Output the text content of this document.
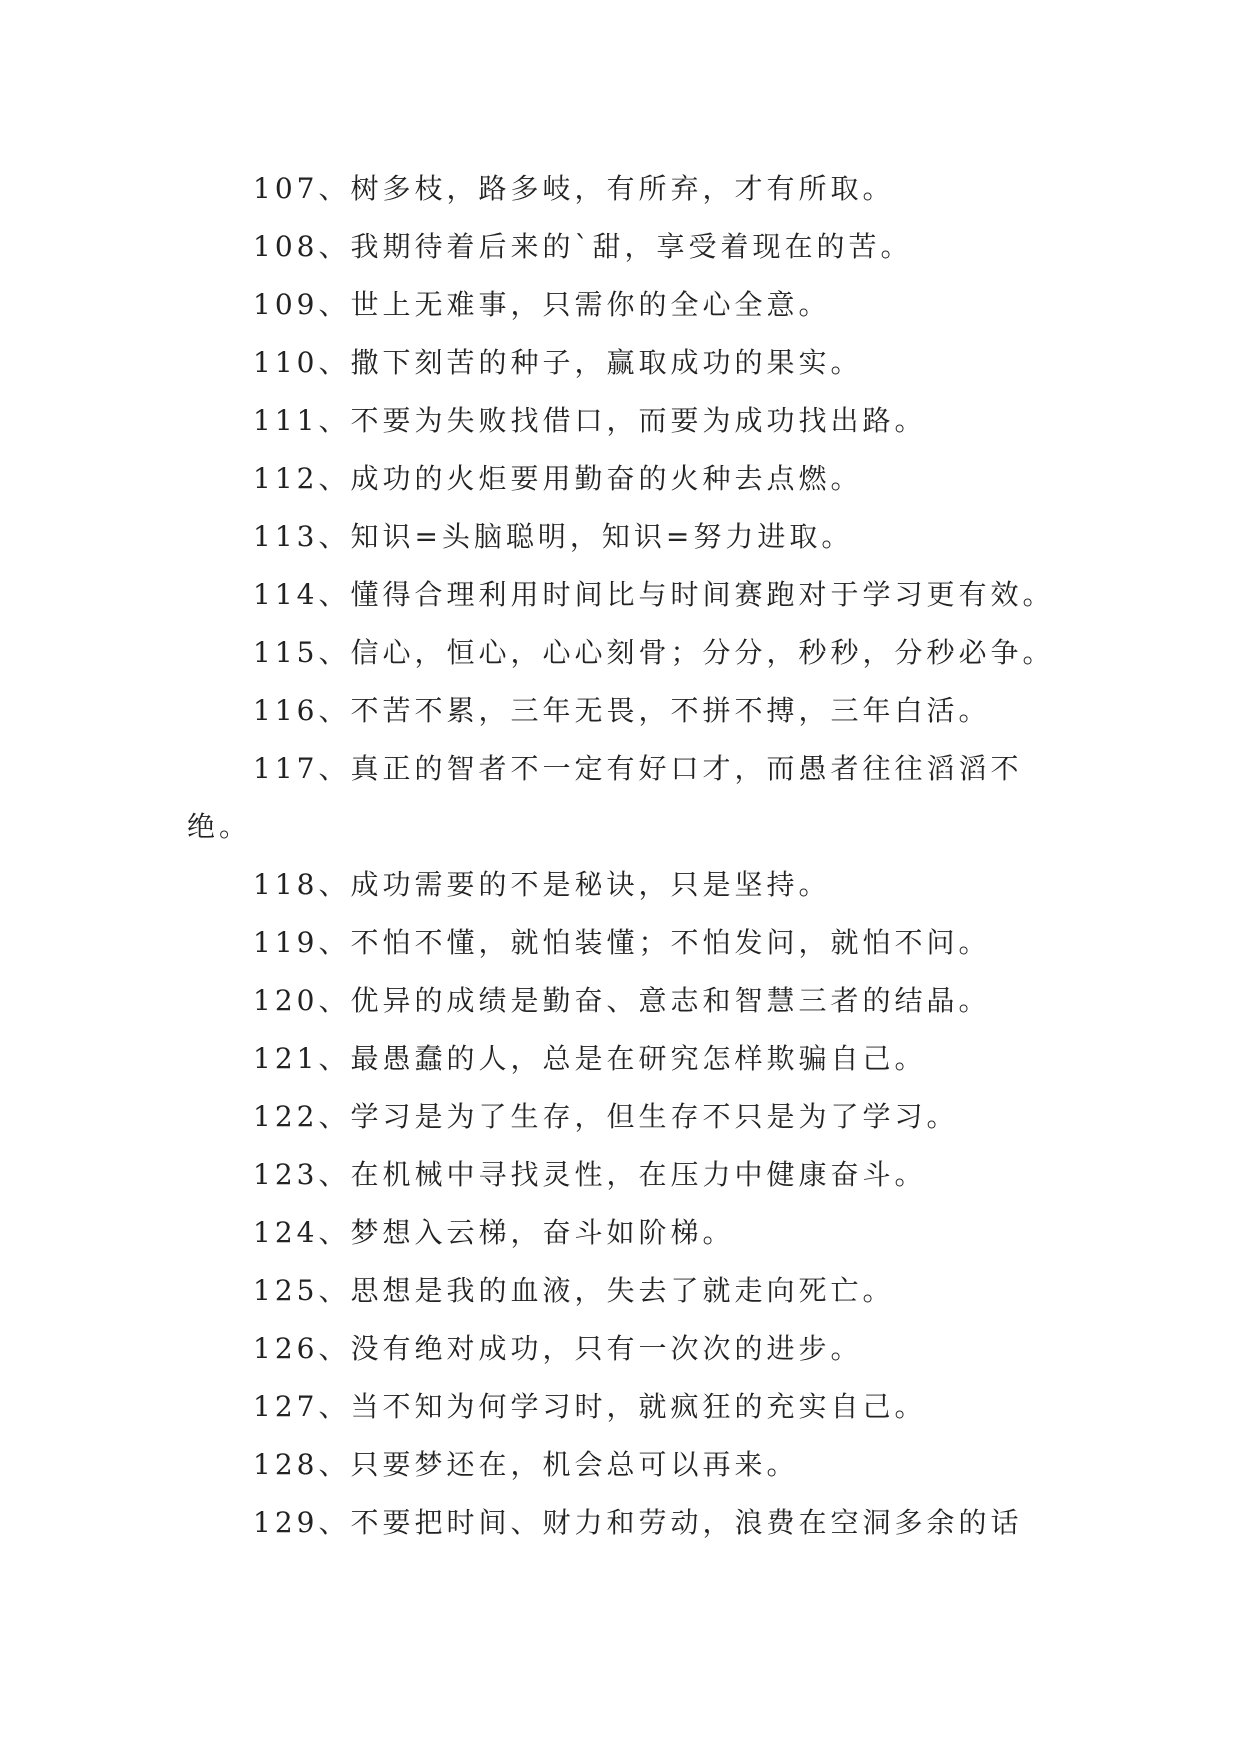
107、树多枝，路多岐，有所弃，才有所取。

108、我期待着后来的`甜，享受着现在的苦。

109、世上无难事，只需你的全心全意。

110、撒下刻苦的种子，赢取成功的果实。

111、不要为失败找借口，而要为成功找出路。

112、成功的火炬要用勤奋的火种去点燃。

113、知识=头脑聪明，知识=努力进取。

114、懂得合理利用时间比与时间赛跑对于学习更有效。

115、信心，恒心，心心刻骨；分分，秒秒，分秒必争。

116、不苦不累，三年无畏，不拼不搏，三年白活。

117、真正的智者不一定有好口才，而愚者往往滔滔不绝。

118、成功需要的不是秘诀，只是坚持。

119、不怕不懂，就怕装懂；不怕发问，就怕不问。

120、优异的成绩是勤奋、意志和智慧三者的结晶。

121、最愚蠢的人，总是在研究怎样欺骗自己。

122、学习是为了生存，但生存不只是为了学习。

123、在机械中寻找灵性，在压力中健康奋斗。

124、梦想入云梯，奋斗如阶梯。

125、思想是我的血液，失去了就走向死亡。

126、没有绝对成功，只有一次次的进步。

127、当不知为何学习时，就疯狂的充实自己。

128、只要梦还在，机会总可以再来。

129、不要把时间、财力和劳动，浪费在空洞多余的话
